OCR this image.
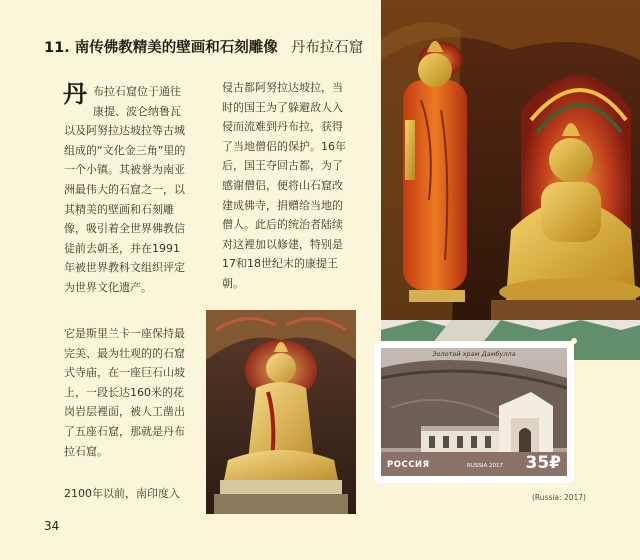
11. 南传佛教精美的壁画和石刻雕像 丹布拉石窟
丹布拉石窟位于通往康提、波仑纳鲁瓦以及阿努拉达坡拉等古城组成的“文化金三角”里的一个小镇。其被誉为南亚洲最伟大的石窟之一，以其精美的壁画和石刻雕像，吸引着全世界佛教信徒前去朝圣，并在1991年被世界教科文组织评定为世界文化遗产。
它是斯里兰卡一座保持最完美、最为壮观的的石窟式寺庙，在一座巨石山坡上，一段长达160米的花岗岩层裡面，被人工凿出了五座石窟，那就是丹布拉石窟。
2100年以前，南印度入
侵古都阿努拉达坡拉，当时的国王为了躲避敌人入侵而流难到丹布拉，获得了当地僧侣的保护。16年后，国王夺回古都，为了感谢僧侣，便将山石窟改建成佛寺，捐赠给当地的僧人。此后的统治者陆续对这裡加以修建，特别是17和18世纪末的康提王朝。
Золотой храм Дамбулла
РОССИЯ	RUSSIA 2017 35₽
(Russia: 2017)
34
